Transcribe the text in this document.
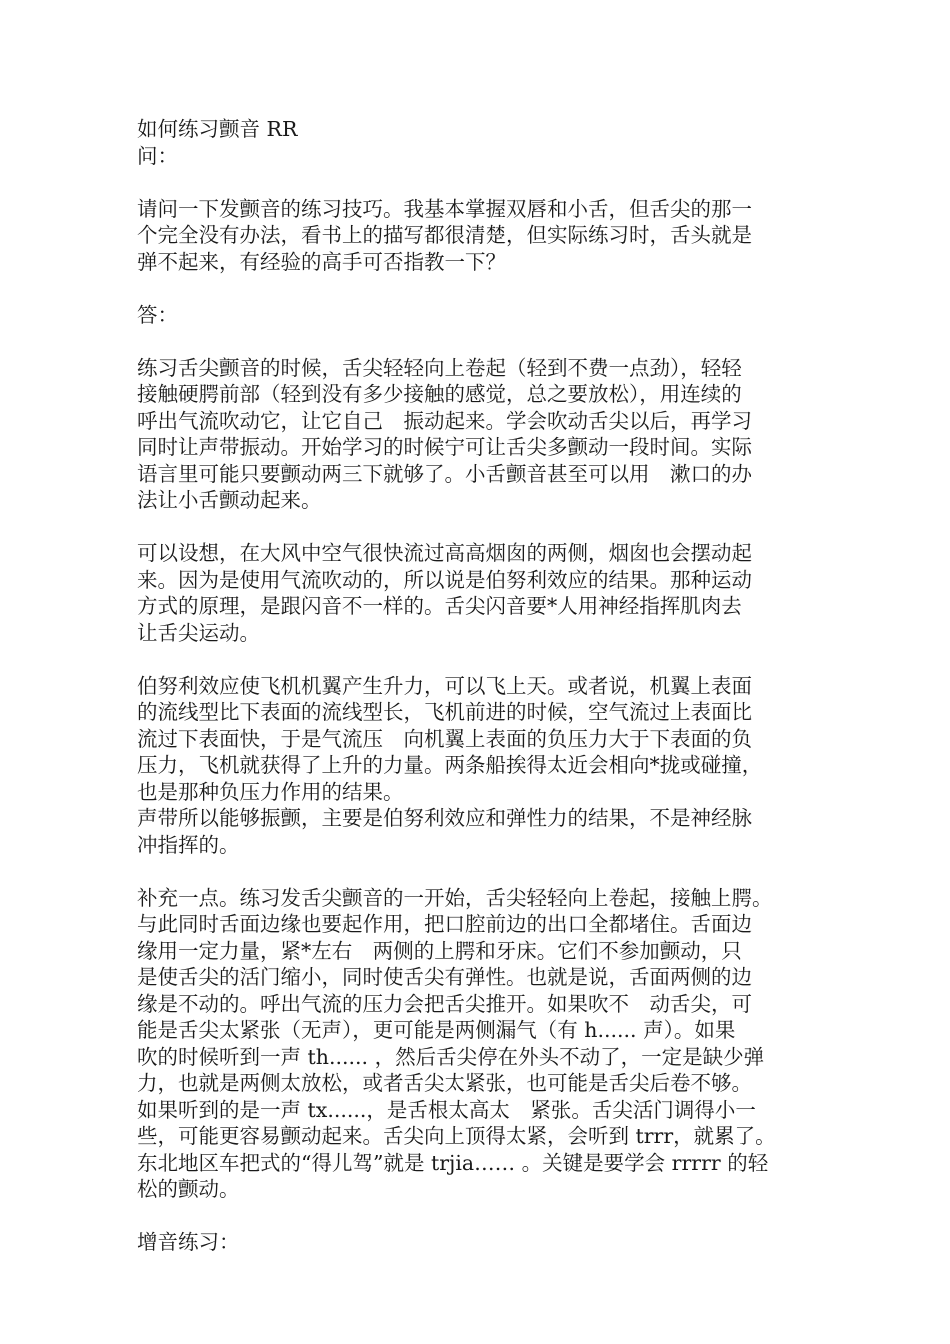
如何练习颤音 RR
问：
请问一下发颤音的练习技巧。我基本掌握双唇和小舌，但舌尖的那一
个完全没有办法，看书上的描写都很清楚，但实际练习时，舌头就是
弹不起来，有经验的高手可否指教一下？
答：
练习舌尖颤音的时候，舌尖轻轻向上卷起（轻到不费一点劲），轻轻
接触硬腭前部（轻到没有多少接触的感觉，总之要放松），用连续的
呼出气流吹动它，让它自己　振动起来。学会吹动舌尖以后，再学习
同时让声带振动。开始学习的时候宁可让舌尖多颤动一段时间。实际
语言里可能只要颤动两三下就够了。小舌颤音甚至可以用　漱口的办
法让小舌颤动起来。
可以设想，在大风中空气很快流过高高烟囱的两侧，烟囱也会摆动起
来。因为是使用气流吹动的，所以说是伯努利效应的结果。那种运动
方式的原理，是跟闪音不一样的。舌尖闪音要*人用神经指挥肌肉去
让舌尖运动。
伯努利效应使飞机机翼产生升力，可以飞上天。或者说，机翼上表面
的流线型比下表面的流线型长，飞机前进的时候，空气流过上表面比
流过下表面快，于是气流压　向机翼上表面的负压力大于下表面的负
压力，飞机就获得了上升的力量。两条船挨得太近会相向*拢或碰撞，
也是那种负压力作用的结果。
声带所以能够振颤，主要是伯努利效应和弹性力的结果，不是神经脉
冲指挥的。
补充一点。练习发舌尖颤音的一开始，舌尖轻轻向上卷起，接触上腭。
与此同时舌面边缘也要起作用，把口腔前边的出口全都堵住。舌面边
缘用一定力量，紧*左右　两侧的上腭和牙床。它们不参加颤动，只
是使舌尖的活门缩小，同时使舌尖有弹性。也就是说，舌面两侧的边
缘是不动的。呼出气流的压力会把舌尖推开。如果吹不　动舌尖，可
能是舌尖太紧张（无声），更可能是两侧漏气（有 h...... 声）。如果
吹的时候听到一声 th...... ，然后舌尖停在外头不动了，一定是缺少弹
力，也就是两侧太放松，或者舌尖太紧张，也可能是舌尖后卷不够。
如果听到的是一声 tx......，是舌根太高太　紧张。舌尖活门调得小一
些，可能更容易颤动起来。舌尖向上顶得太紧，会听到 trrr，就累了。
东北地区车把式的“得儿驾”就是 trjia…… 。关键是要学会 rrrrr 的轻
松的颤动。
增音练习：
